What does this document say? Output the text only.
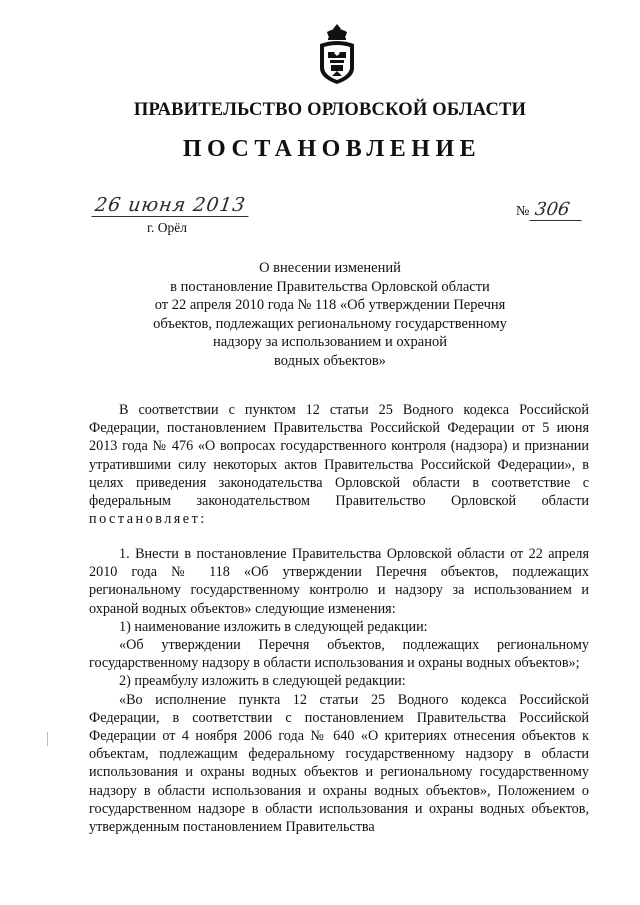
ПРАВИТЕЛЬСТВО ОРЛОВСКОЙ ОБЛАСТИ
ПОСТАНОВЛЕНИЕ
26 июня 2013
г. Орёл
№ 306
О внесении изменений
в постановление Правительства Орловской области
от 22 апреля 2010 года № 118 «Об утверждении Перечня
объектов, подлежащих региональному государственному
надзору за использованием и охраной
водных объектов»

В соответствии с пунктом 12 статьи 25 Водного кодекса Российской Федерации, постановлением Правительства Российской Федерации от 5 июня 2013 года № 476 «О вопросах государственного контроля (надзора) и признании утратившими силу некоторых актов Правительства Российской Федерации», в целях приведения законодательства Орловской области в соответствие с федеральным законодательством Правительство Орловской области постановляет:

1. Внести в постановление Правительства Орловской области от 22 апреля 2010 года № 118 «Об утверждении Перечня объектов, подлежащих региональному государственному контролю и надзору за использованием и охраной водных объектов» следующие изменения:

1) наименование изложить в следующей редакции:

«Об утверждении Перечня объектов, подлежащих региональному государственному надзору в области использования и охраны водных объектов»;

2) преамбулу изложить в следующей редакции:

«Во исполнение пункта 12 статьи 25 Водного кодекса Российской Федерации, в соответствии с постановлением Правительства Российской Федерации от 4 ноября 2006 года № 640 «О критериях отнесения объектов к объектам, подлежащим федеральному государственному надзору в области использования и охраны водных объектов и региональному государственному надзору в области использования и охраны водных объектов», Положением о государственном надзоре в области использования и охраны водных объектов, утвержденным постановлением Правительства
